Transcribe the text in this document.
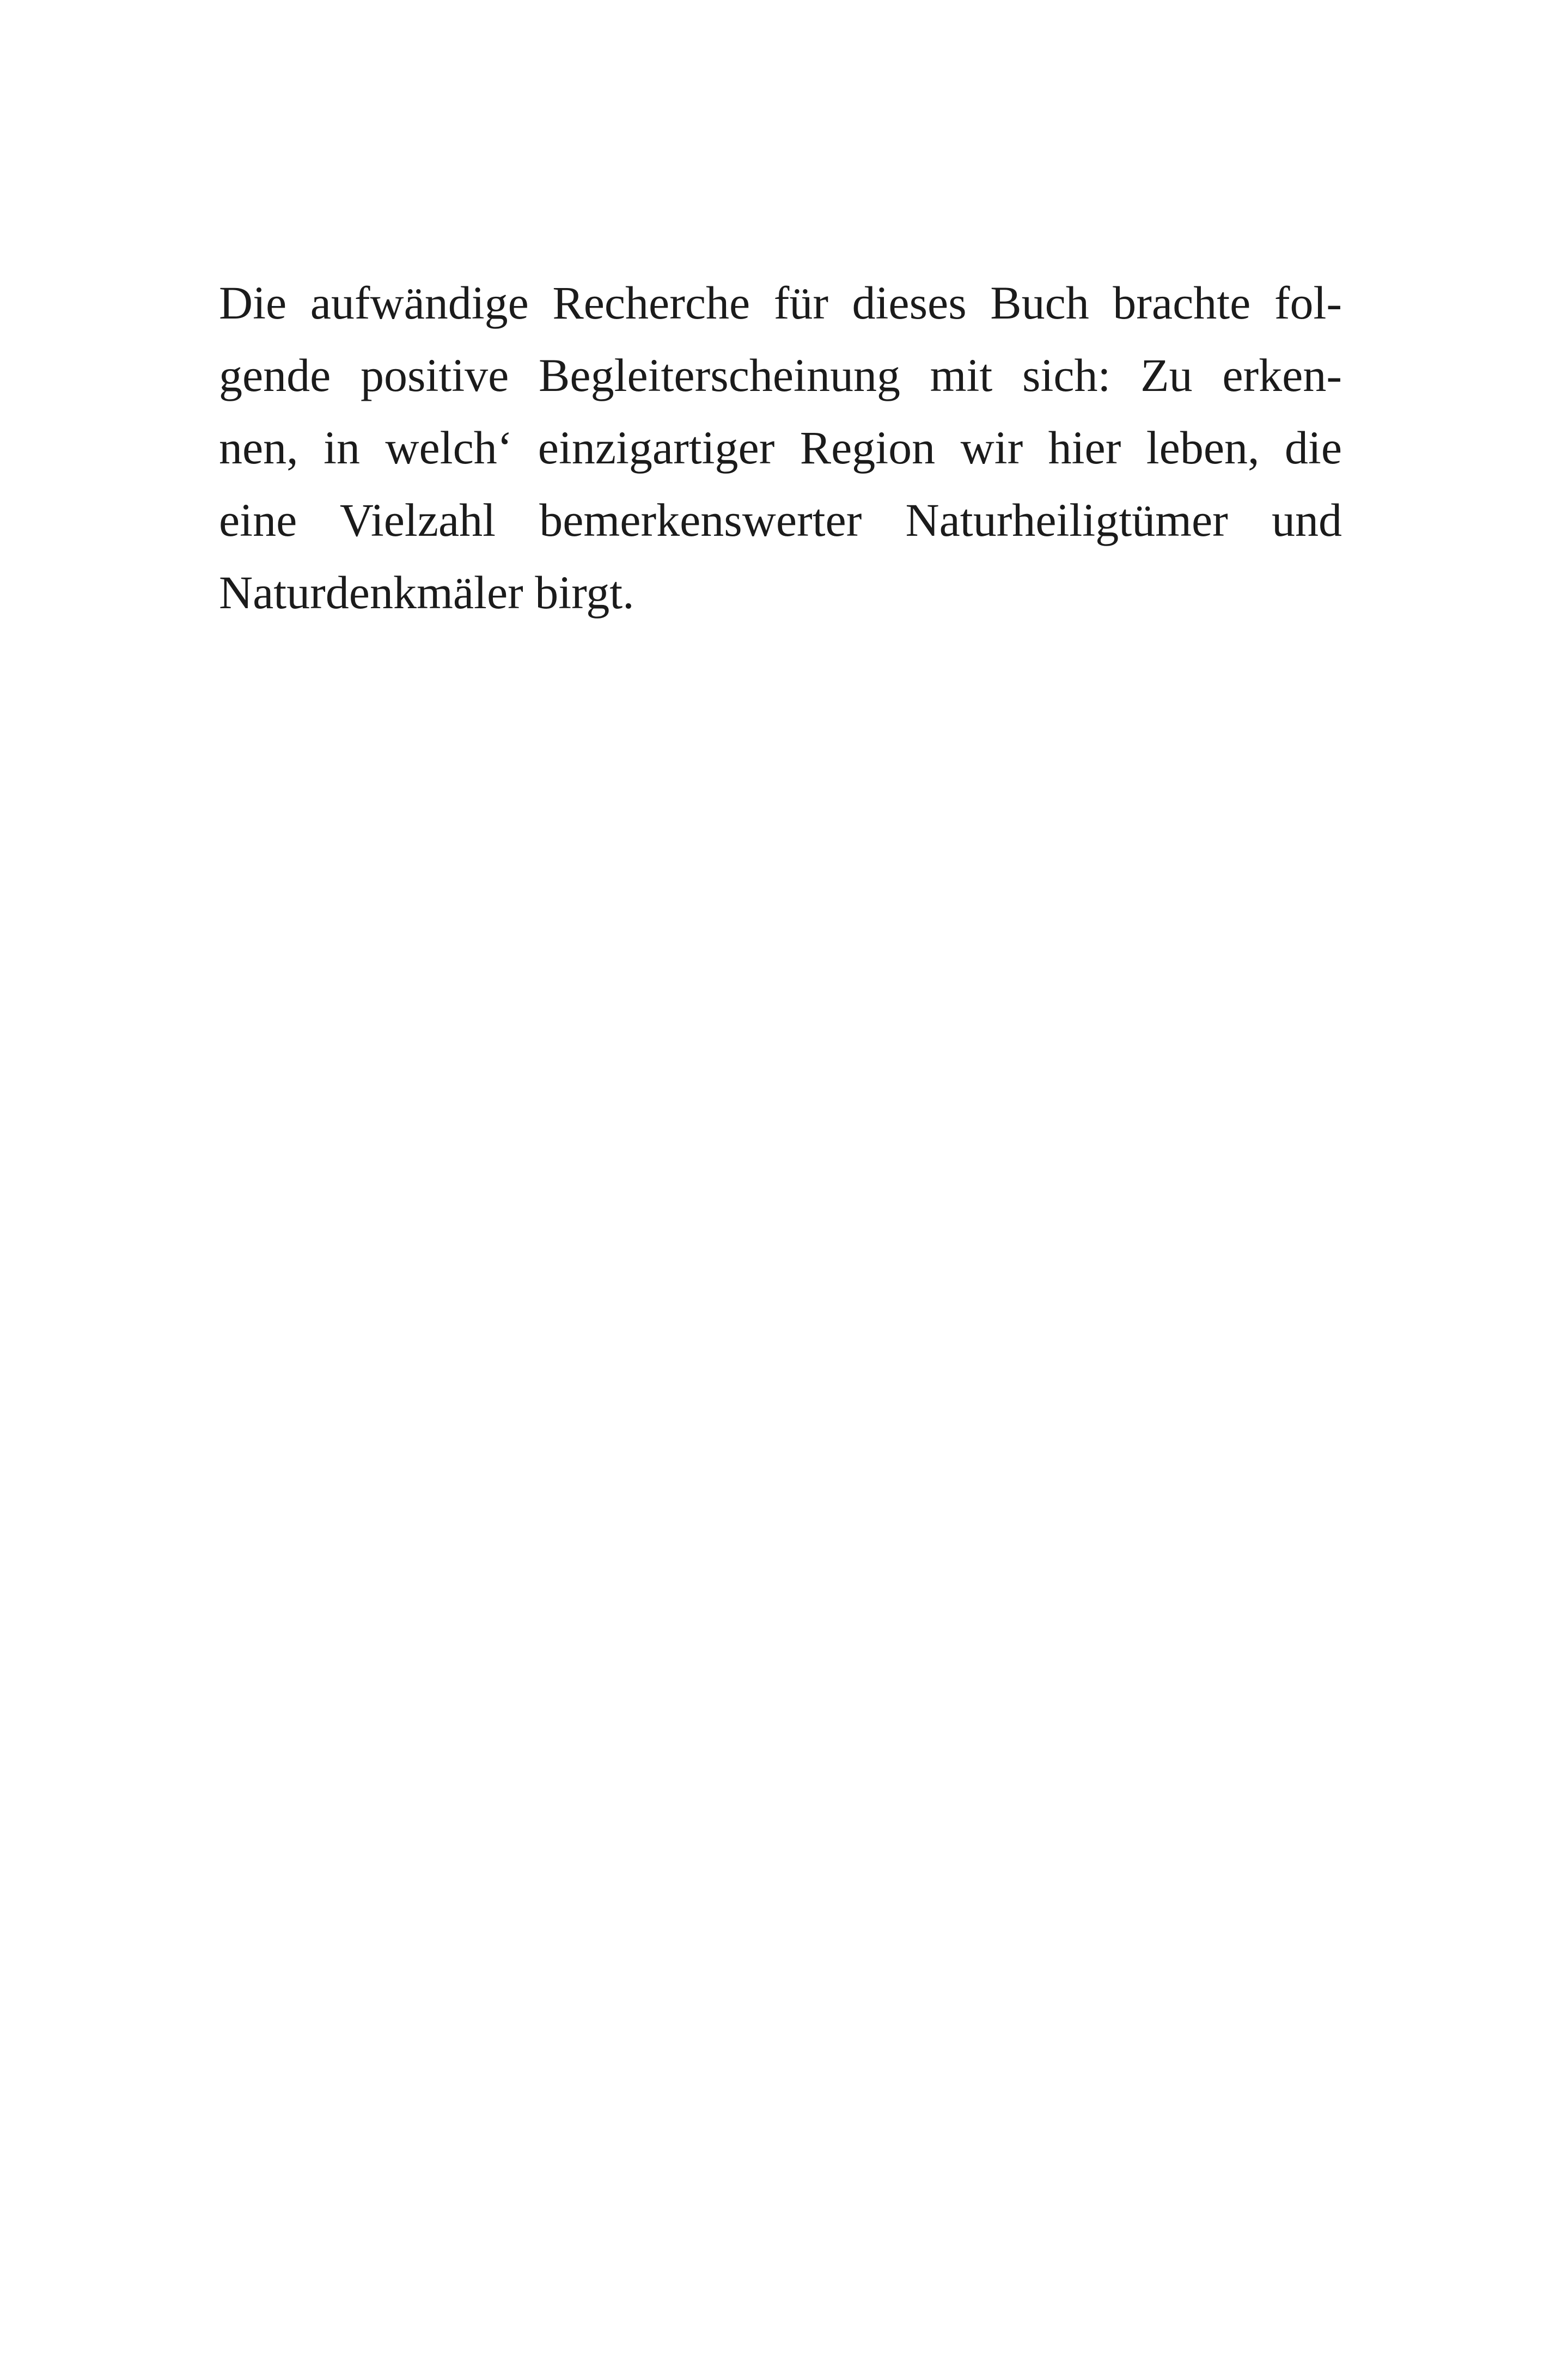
Die aufwändige Recherche für dieses Buch brachte fol-
gende positive Begleiterscheinung mit sich: Zu erken-
nen, in welch‘ einzigartiger Region wir hier leben, die
eine Vielzahl bemerkenswerter Naturheiligtümer und
Naturdenkmäler birgt.
